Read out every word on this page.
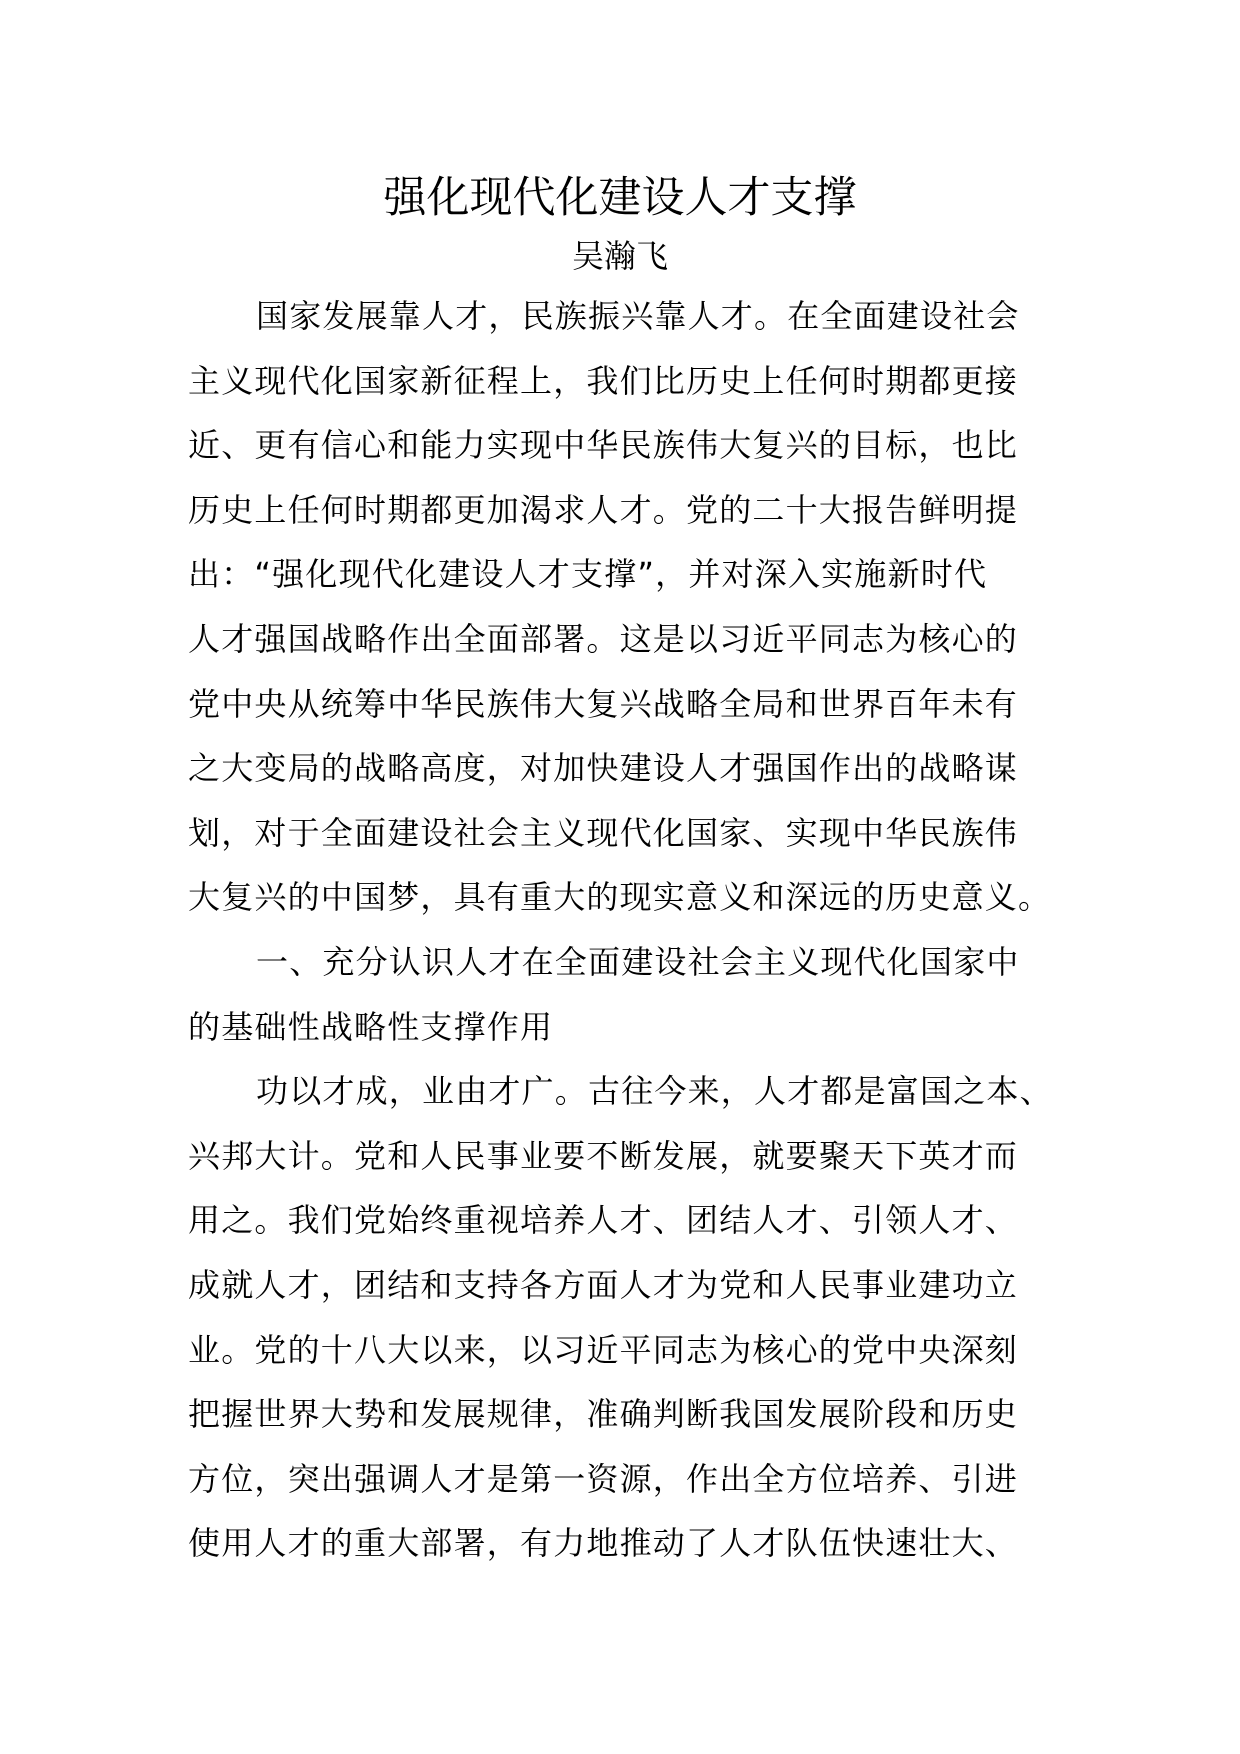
强化现代化建设人才支撑
吴瀚飞

国家发展靠人才，民族振兴靠人才。在全面建设社会
主义现代化国家新征程上，我们比历史上任何时期都更接
近、更有信心和能力实现中华民族伟大复兴的目标，也比
历史上任何时期都更加渴求人才。党的二十大报告鲜明提
出：“强化现代化建设人才支撑”，并对深入实施新时代
人才强国战略作出全面部署。这是以习近平同志为核心的
党中央从统筹中华民族伟大复兴战略全局和世界百年未有
之大变局的战略高度，对加快建设人才强国作出的战略谋
划，对于全面建设社会主义现代化国家、实现中华民族伟
大复兴的中国梦，具有重大的现实意义和深远的历史意义。

一、充分认识人才在全面建设社会主义现代化国家中
的基础性战略性支撑作用

功以才成，业由才广。古往今来，人才都是富国之本、
兴邦大计。党和人民事业要不断发展，就要聚天下英才而
用之。我们党始终重视培养人才、团结人才、引领人才、
成就人才，团结和支持各方面人才为党和人民事业建功立
业。党的十八大以来，以习近平同志为核心的党中央深刻
把握世界大势和发展规律，准确判断我国发展阶段和历史
方位，突出强调人才是第一资源，作出全方位培养、引进
使用人才的重大部署，有力地推动了人才队伍快速壮大、
